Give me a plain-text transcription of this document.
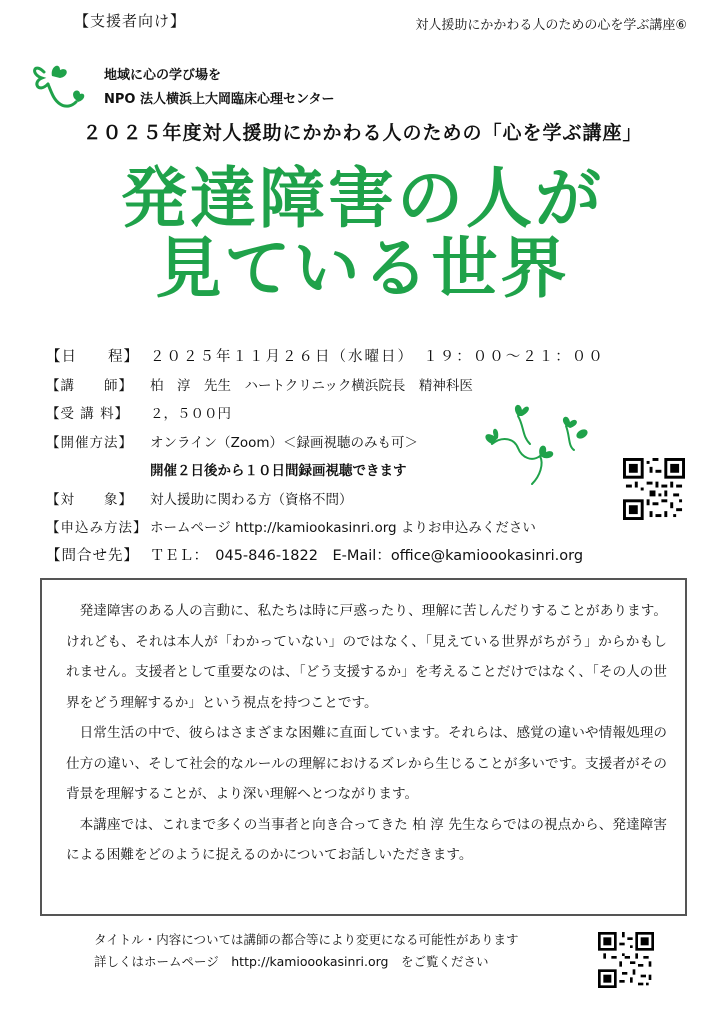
【支援者向け】	対人援助にかかわる人のための心を学ぶ講座⑥
地域に心の学び場を
NPO 法人横浜上大岡臨床心理センター
２０２５年度対人援助にかかわる人のための「心を学ぶ講座」
発達障害の人が
見ている世界
【日　　程】 ２０２５年１１月２６日（水曜日）　１９：００～２１：００
【講　　師】	柏　淳　先生　ハートクリニック横浜院長　精神科医
【受 講 料】	２，５００円
【開催方法】	オンライン（Zoom）＜録画視聴のみも可＞
開催２日後から１０日間録画視聴できます
【対　　象】	対人援助に関わる方（資格不問）
【申込み方法】 ホームページ http://kamiookasinri.org よりお申込みください
【問合せ先】 ＴＥＬ：　045-846-1822　E-Mail：office@kamioookasinri.org

発達障害のある人の言動に、私たちは時に戸惑ったり、理解に苦しんだりすることがあります。けれども、それは本人が「わかっていない」のではなく、「見えている世界がちがう」からかもしれません。支援者として重要なのは、「どう支援するか」を考えることだけではなく、「その人の世界をどう理解するか」という視点を持つことです。

日常生活の中で、彼らはさまざまな困難に直面しています。それらは、感覚の違いや情報処理の仕方の違い、そして社会的なルールの理解におけるズレから生じることが多いです。支援者がその背景を理解することが、より深い理解へとつながります。

本講座では、これまで多くの当事者と向き合ってきた 柏 淳 先生ならではの視点から、発達障害による困難をどのように捉えるのかについてお話しいただきます。

タイトル・内容については講師の都合等により変更になる可能性があります
詳しくはホームページ　http://kamioookasinri.org　をご覧ください
